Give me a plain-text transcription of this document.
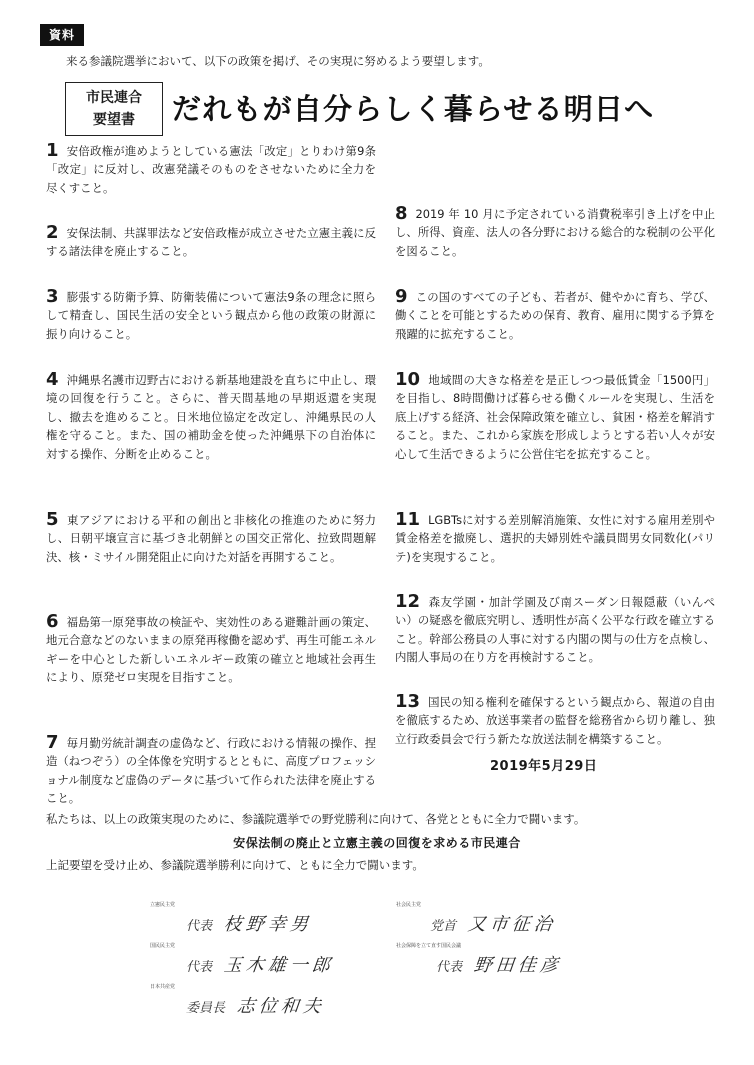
資料
来る参議院選挙において、以下の政策を掲げ、その実現に努めるよう要望します。
市民連合
要望書	だれもが自分らしく暮らせる明日へ
1 安倍政権が進めようとしている憲法「改定」とりわけ第9条「改定」に反対し、改憲発議そのものをさせないために全力を尽くすこと。
2 安保法制、共謀罪法など安倍政権が成立させた立憲主義に反する諸法律を廃止すること。
3 膨張する防衛予算、防衛装備について憲法9条の理念に照らして精査し、国民生活の安全という観点から他の政策の財源に振り向けること。
4 沖縄県名護市辺野古における新基地建設を直ちに中止し、環境の回復を行うこと。さらに、普天間基地の早期返還を実現し、撤去を進めること。日米地位協定を改定し、沖縄県民の人権を守ること。また、国の補助金を使った沖縄県下の自治体に対する操作、分断を止めること。
5 東アジアにおける平和の創出と非核化の推進のために努力し、日朝平壌宣言に基づき北朝鮮との国交正常化、拉致問題解決、核・ミサイル開発阻止に向けた対話を再開すること。
6 福島第一原発事故の検証や、実効性のある避難計画の策定、地元合意などのないままの原発再稼働を認めず、再生可能エネルギーを中心とした新しいエネルギー政策の確立と地域社会再生により、原発ゼロ実現を目指すこと。
7 毎月勤労統計調査の虚偽など、行政における情報の操作、捏造（ねつぞう）の全体像を究明するとともに、高度プロフェッショナル制度など虚偽のデータに基づいて作られた法律を廃止すること。
8 2019 年 10 月に予定されている消費税率引き上げを中止し、所得、資産、法人の各分野における総合的な税制の公平化を図ること。
9 この国のすべての子ども、若者が、健やかに育ち、学び、働くことを可能とするための保育、教育、雇用に関する予算を飛躍的に拡充すること。
10 地域間の大きな格差を是正しつつ最低賃金「1500円」を目指し、8時間働けば暮らせる働くルールを実現し、生活を底上げする経済、社会保障政策を確立し、貧困・格差を解消すること。また、これから家族を形成しようとする若い人々が安心して生活できるように公営住宅を拡充すること。
11 LGBTsに対する差別解消施策、女性に対する雇用差別や賃金格差を撤廃し、選択的夫婦別姓や議員間男女同数化(パリテ)を実現すること。
12 森友学園・加計学園及び南スーダン日報隠蔽（いんぺい）の疑惑を徹底究明し、透明性が高く公平な行政を確立すること。幹部公務員の人事に対する内閣の関与の仕方を点検し、内閣人事局の在り方を再検討すること。
13 国民の知る権利を確保するという観点から、報道の自由を徹底するため、放送事業者の監督を総務省から切り離し、独立行政委員会で行う新たな放送法制を構築すること。
2019年5月29日
私たちは、以上の政策実現のために、参議院選挙での野党勝利に向けて、各党とともに全力で闘います。
安保法制の廃止と立憲主義の回復を求める市民連合
上記要望を受け止め、参議院選挙勝利に向けて、ともに全力で闘います。
立憲民主党
代表 枝野幸男
国民民主党
代表 玉木雄一郎
日本共産党
委員長 志位和夫
社会民主党
党首 又市征治
社会保障を立て直す国民会議
代表 野田佳彦
